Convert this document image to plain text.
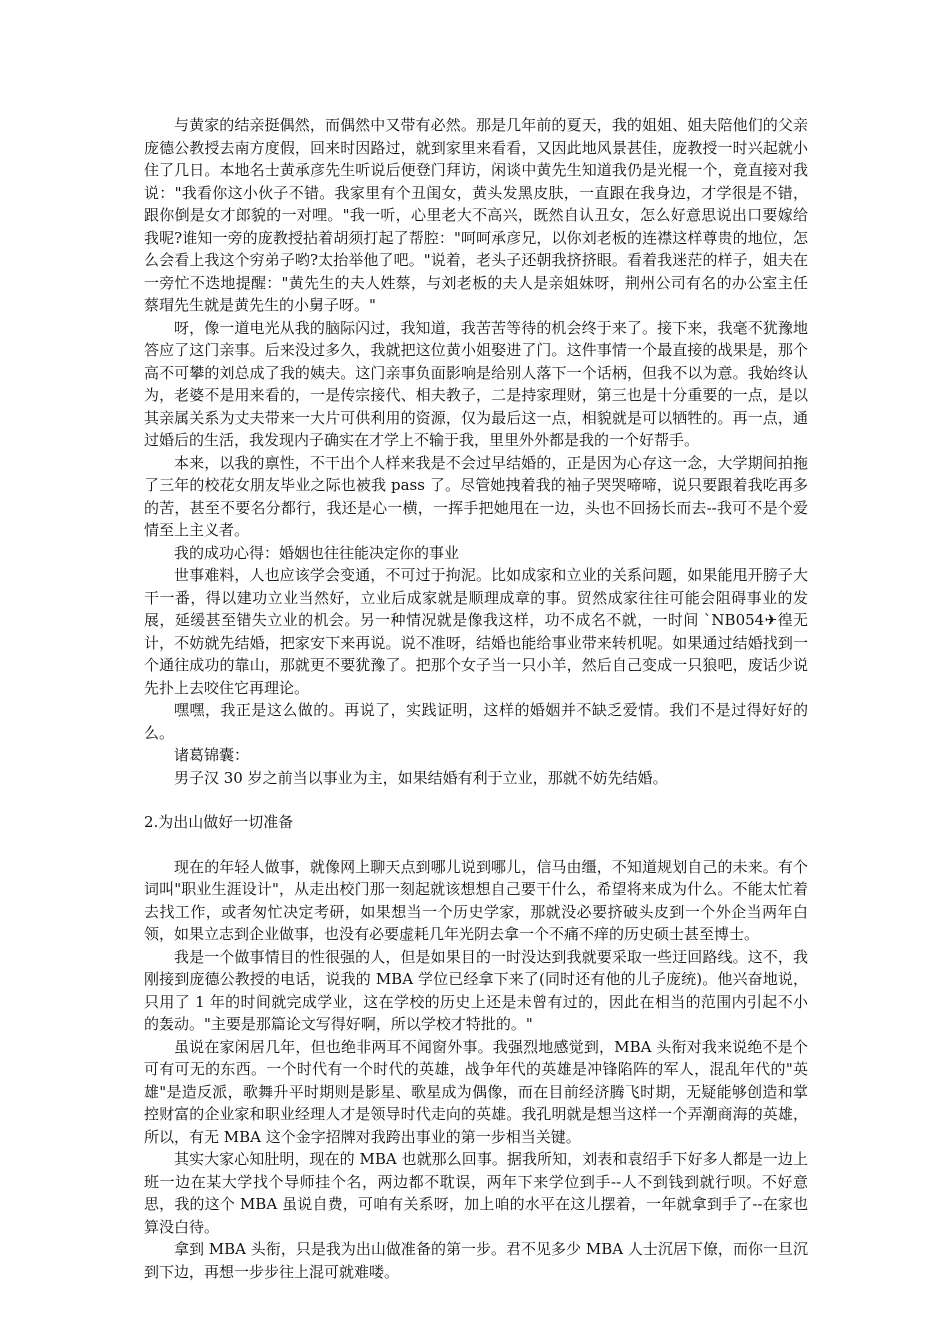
与黄家的结亲挺偶然，而偶然中又带有必然。那是几年前的夏天，我的姐姐、姐夫陪他们的父亲庞德公教授去南方度假，回来时因路过，就到家里来看看，又因此地风景甚佳，庞教授一时兴起就小住了几日。本地名士黄承彦先生听说后便登门拜访，闲谈中黄先生知道我仍是光棍一个，竟直接对我说："我看你这小伙子不错。我家里有个丑闺女，黄头发黑皮肤，一直跟在我身边，才学很是不错，跟你倒是女才郎貌的一对哩。"我一听，心里老大不高兴，既然自认丑女，怎么好意思说出口要嫁给我呢?谁知一旁的庞教授拈着胡须打起了帮腔："呵呵承彦兄，以你刘老板的连襟这样尊贵的地位，怎么会看上我这个穷弟子哟?太抬举他了吧。"说着，老头子还朝我挤挤眼。看着我迷茫的样子，姐夫在一旁忙不迭地提醒："黄先生的夫人姓蔡，与刘老板的夫人是亲姐妹呀，荆州公司有名的办公室主任蔡瑁先生就是黄先生的小舅子呀。"

呀，像一道电光从我的脑际闪过，我知道，我苦苦等待的机会终于来了。接下来，我毫不犹豫地答应了这门亲事。后来没过多久，我就把这位黄小姐娶进了门。这件事情一个最直接的战果是，那个高不可攀的刘总成了我的姨夫。这门亲事负面影响是给别人落下一个话柄，但我不以为意。我始终认为，老婆不是用来看的，一是传宗接代、相夫教子，二是持家理财，第三也是十分重要的一点，是以其亲属关系为丈夫带来一大片可供利用的资源，仅为最后这一点，相貌就是可以牺牲的。再一点，通过婚后的生活，我发现内子确实在才学上不输于我，里里外外都是我的一个好帮手。

本来，以我的禀性，不干出个人样来我是不会过早结婚的，正是因为心存这一念，大学期间拍拖了三年的校花女朋友毕业之际也被我 pass 了。尽管她拽着我的袖子哭哭啼啼，说只要跟着我吃再多的苦，甚至不要名分都行，我还是心一横，一挥手把她甩在一边，头也不回扬长而去--我可不是个爱情至上主义者。

我的成功心得：婚姻也往往能决定你的事业

世事难料，人也应该学会变通，不可过于拘泥。比如成家和立业的关系问题，如果能甩开膀子大干一番，得以建功立业当然好，立业后成家就是顺理成章的事。贸然成家往往可能会阻碍事业的发展，延缓甚至错失立业的机会。另一种情况就是像我这样，功不成名不就，一时间 `NB054✈徨无计，不妨就先结婚，把家安下来再说。说不准呀，结婚也能给事业带来转机呢。如果通过结婚找到一个通往成功的靠山，那就更不要犹豫了。把那个女子当一只小羊，然后自己变成一只狼吧，废话少说先扑上去咬住它再理论。

嘿嘿，我正是这么做的。再说了，实践证明，这样的婚姻并不缺乏爱情。我们不是过得好好的么。

诸葛锦囊：

男子汉 30 岁之前当以事业为主，如果结婚有利于立业，那就不妨先结婚。

2.为出山做好一切准备

现在的年轻人做事，就像网上聊天点到哪儿说到哪儿，信马由缰，不知道规划自己的未来。有个词叫"职业生涯设计"，从走出校门那一刻起就该想想自己要干什么，希望将来成为什么。不能太忙着去找工作，或者匆忙决定考研，如果想当一个历史学家，那就没必要挤破头皮到一个外企当两年白领，如果立志到企业做事，也没有必要虚耗几年光阴去拿一个不痛不痒的历史硕士甚至博士。

我是一个做事情目的性很强的人，但是如果目的一时没达到我就要采取一些迂回路线。这不，我刚接到庞德公教授的电话，说我的 MBA 学位已经拿下来了(同时还有他的儿子庞统)。他兴奋地说，只用了 1 年的时间就完成学业，这在学校的历史上还是未曾有过的，因此在相当的范围内引起不小的轰动。"主要是那篇论文写得好啊，所以学校才特批的。"

虽说在家闲居几年，但也绝非两耳不闻窗外事。我强烈地感觉到，MBA 头衔对我来说绝不是个可有可无的东西。一个时代有一个时代的英雄，战争年代的英雄是冲锋陷阵的军人，混乱年代的"英雄"是造反派，歌舞升平时期则是影星、歌星成为偶像，而在目前经济腾飞时期，无疑能够创造和掌控财富的企业家和职业经理人才是领导时代走向的英雄。我孔明就是想当这样一个弄潮商海的英雄，所以，有无 MBA 这个金字招牌对我跨出事业的第一步相当关键。

其实大家心知肚明，现在的 MBA 也就那么回事。据我所知，刘表和袁绍手下好多人都是一边上班一边在某大学找个导师挂个名，两边都不耽误，两年下来学位到手--人不到钱到就行呗。不好意思，我的这个 MBA 虽说自费，可咱有关系呀，加上咱的水平在这儿摆着，一年就拿到手了--在家也算没白待。

拿到 MBA 头衔，只是我为出山做准备的第一步。君不见多少 MBA 人士沉居下僚，而你一旦沉到下边，再想一步步往上混可就难喽。
